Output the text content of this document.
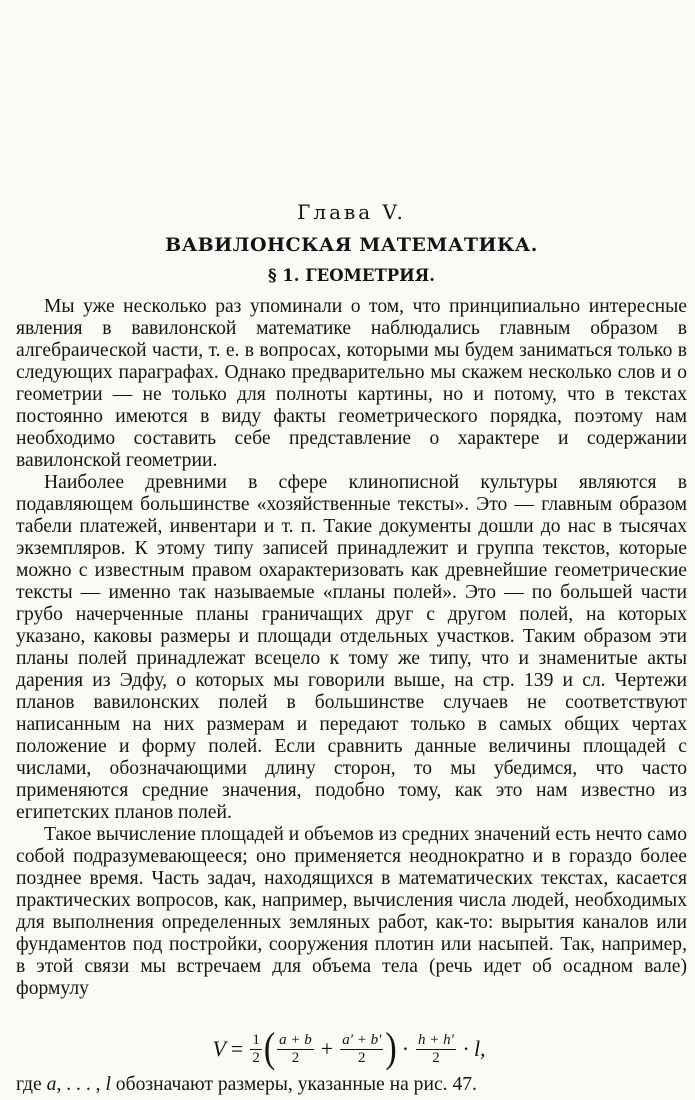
Глава V.
ВАВИЛОНСКАЯ МАТЕМАТИКА.
§ 1. ГЕОМЕТРИЯ.

Мы уже несколько раз упоминали о том, что принципиально интересные явления в вавилонской математике наблюдались главным образом в алгебраической части, т. е. в вопросах, которыми мы будем заниматься только в следующих параграфах. Однако предварительно мы скажем несколько слов и о геометрии — не только для полноты картины, но и потому, что в текстах постоянно имеются в виду факты геометрического порядка, поэтому нам необходимо составить себе представление о характере и содержании вавилонской геометрии.

Наиболее древними в сфере клинописной культуры являются в подавляющем большинстве «хозяйственные тексты». Это — главным образом табели платежей, инвентари и т. п. Такие документы дошли до нас в тысячах экземпляров. К этому типу записей принадлежит и группа текстов, которые можно с известным правом охарактеризовать как древнейшие геометрические тексты — именно так называемые «планы полей». Это — по большей части грубо начерченные планы граничащих друг с другом полей, на которых указано, каковы размеры и площади отдельных участков. Таким образом эти планы полей принадлежат всецело к тому же типу, что и знаменитые акты дарения из Эдфу, о которых мы говорили выше, на стр. 139 и сл. Чертежи планов вавилонских полей в большинстве случаев не соответствуют написанным на них размерам и передают только в самых общих чертах положение и форму полей. Если сравнить данные величины площадей с числами, обозначающими длину сторон, то мы убедимся, что часто применяются средние значения, подобно тому, как это нам известно из египетских планов полей.

Такое вычисление площадей и объемов из средних значений есть нечто само собой подразумевающееся; оно применяется неоднократно и в гораздо более позднее время. Часть задач, находящихся в математических текстах, касается практических вопросов, как, например, вычисления числа людей, необходимых для выполнения определенных земляных работ, как-то: вырытия каналов или фундаментов под постройки, сооружения плотин или насыпей. Так, например, в этой связи мы встречаем для объема тела (речь идет об осадном вале) формулу

$V = \frac{1}{2}$ ( $\frac{a + b}{2} + \frac{a' + b'}{2}$ ) · $\frac{h + h'}{2} \cdot l$,
где a, . . . , l обозначают размеры, указанные на рис. 47.
